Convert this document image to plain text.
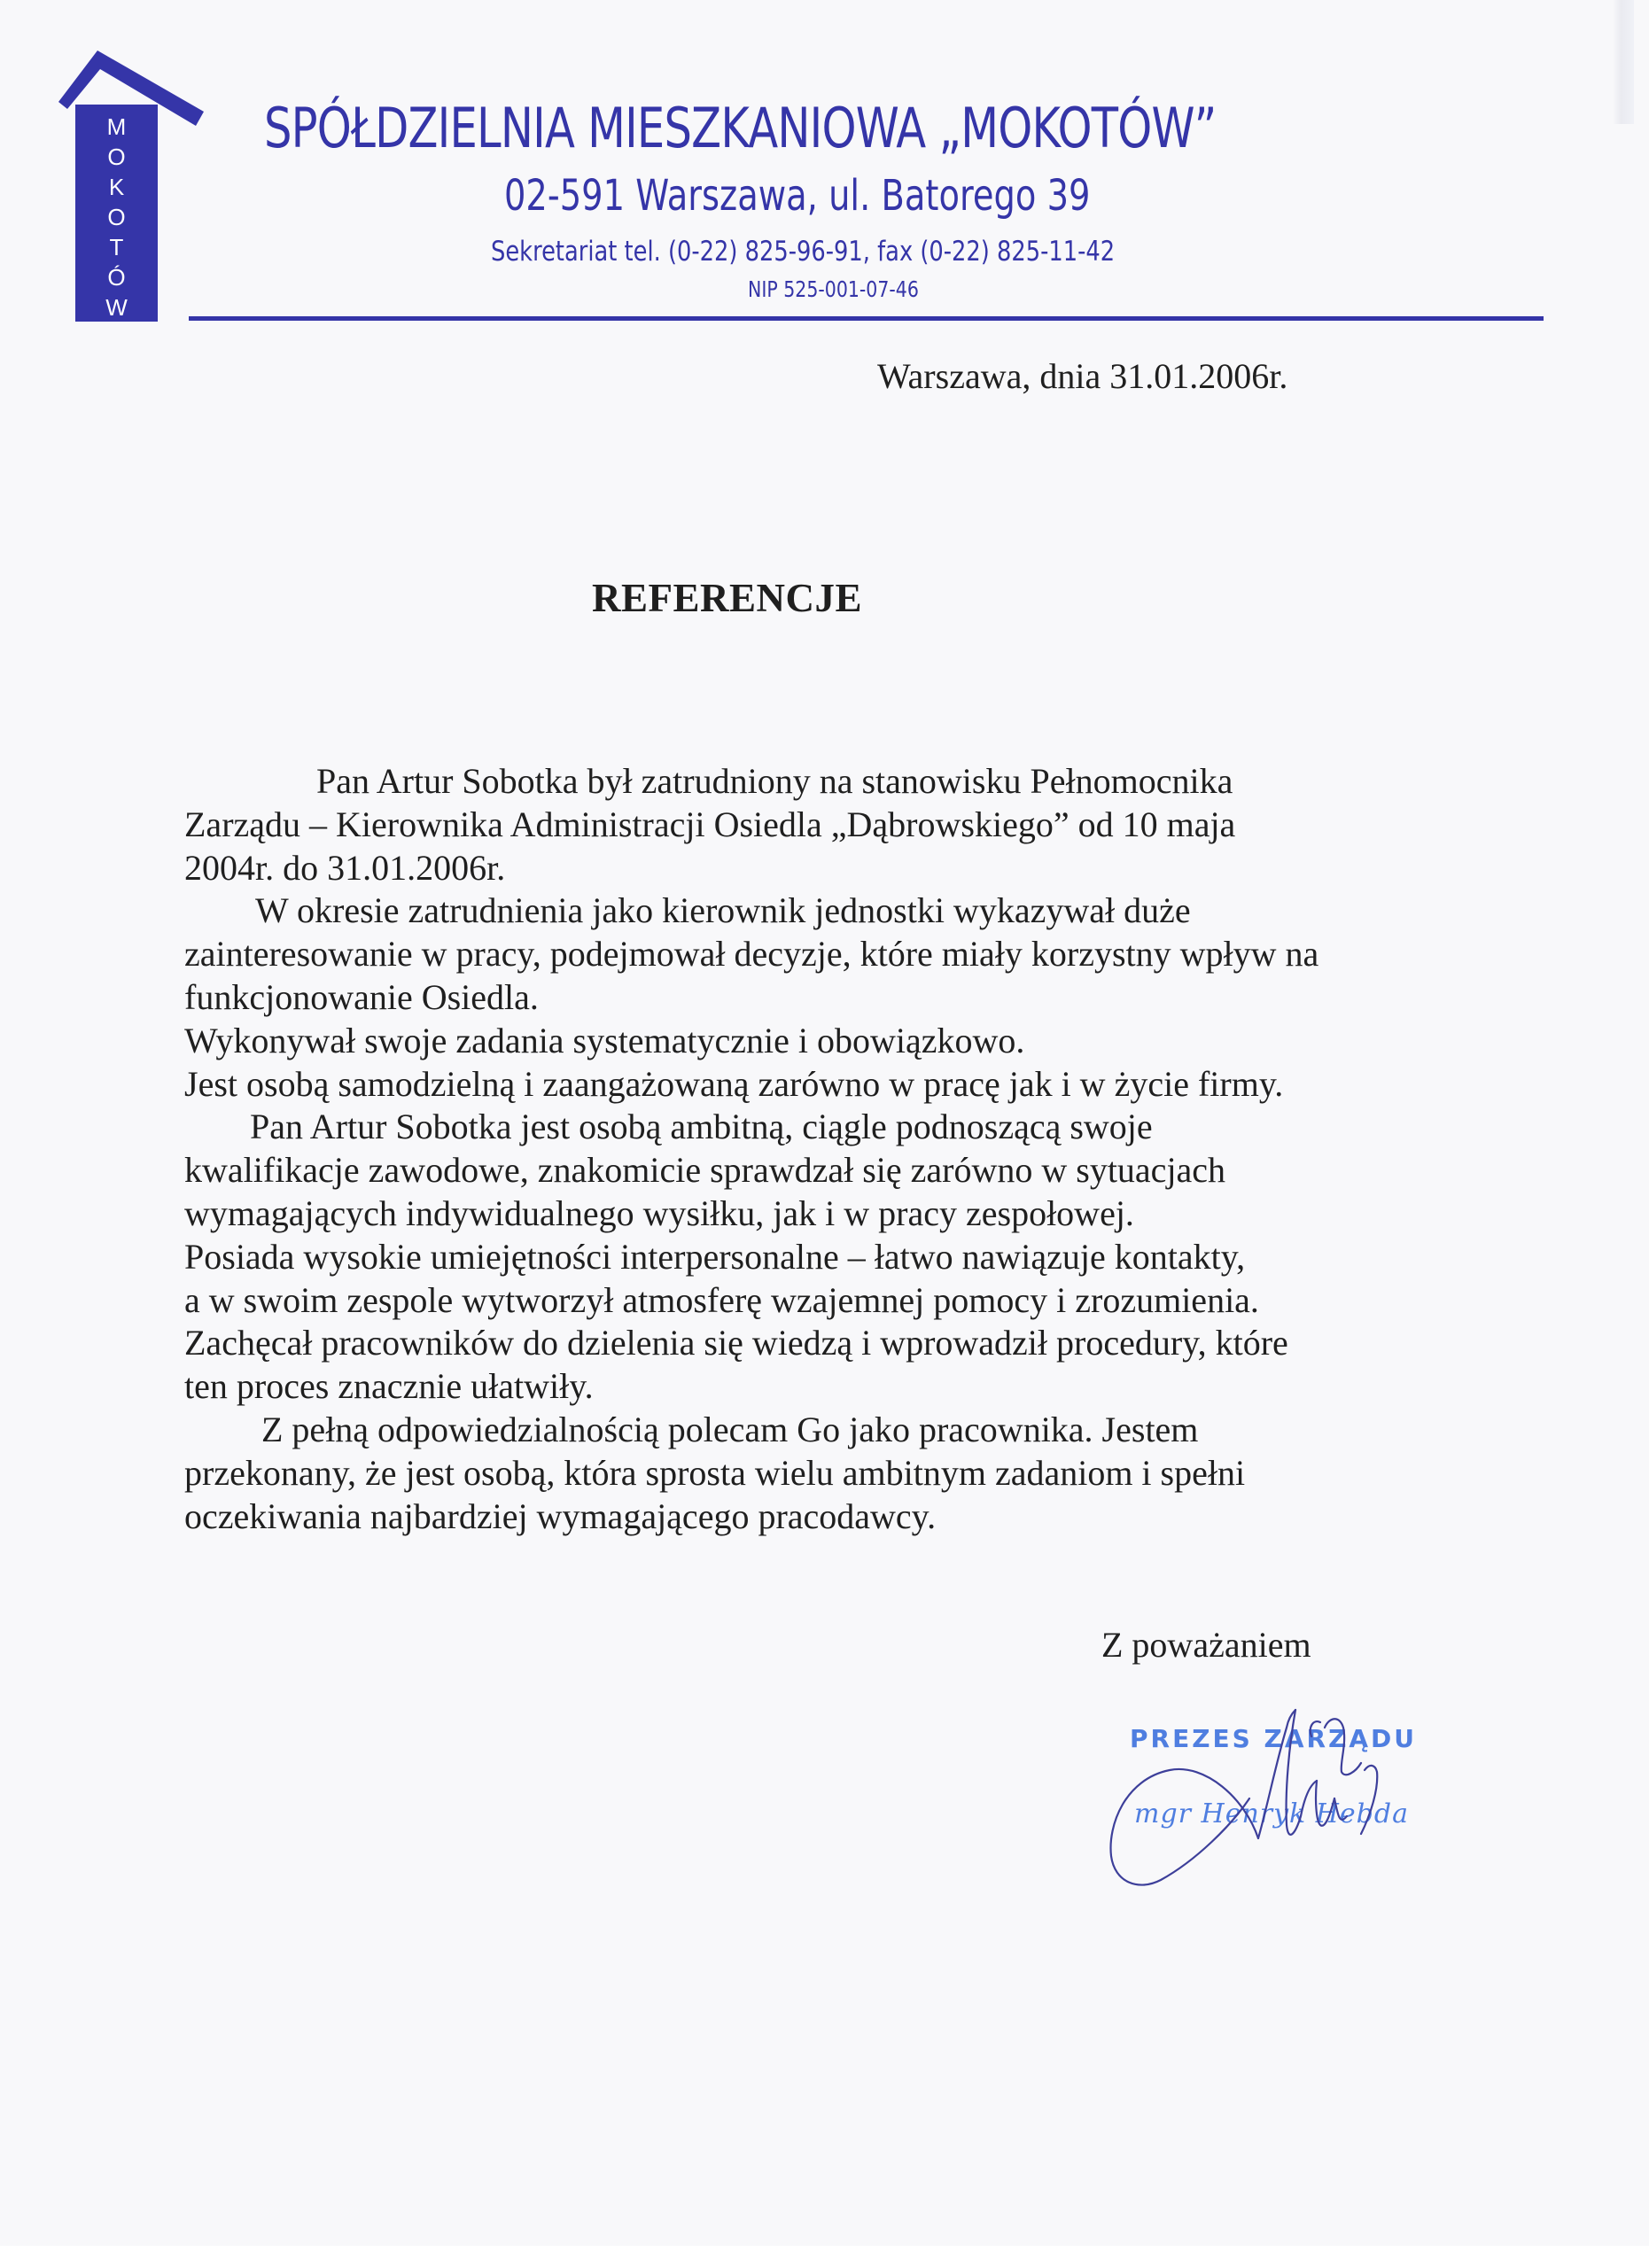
M
O
K
O
T
Ó
W
SPÓŁDZIELNIA MIESZKANIOWA „MOKOTÓW”
02-591 Warszawa, ul. Batorego 39
Sekretariat tel. (0-22) 825-96-91, fax (0-22) 825-11-42
NIP 525-001-07-46
Warszawa, dnia 31.01.2006r.
REFERENCJE
Pan Artur Sobotka był zatrudniony na stanowisku Pełnomocnika
Zarządu – Kierownika Administracji Osiedla „Dąbrowskiego” od 10 maja
2004r. do 31.01.2006r.
W okresie zatrudnienia jako kierownik jednostki wykazywał duże
zainteresowanie w pracy, podejmował decyzje, które miały korzystny wpływ na
funkcjonowanie Osiedla.
Wykonywał swoje zadania systematycznie i obowiązkowo.
Jest osobą samodzielną i zaangażowaną zarówno w pracę jak i w życie firmy.
Pan Artur Sobotka jest osobą ambitną, ciągle podnoszącą swoje
kwalifikacje zawodowe, znakomicie sprawdzał się zarówno w sytuacjach
wymagających indywidualnego wysiłku, jak i w pracy zespołowej.
Posiada wysokie umiejętności interpersonalne – łatwo nawiązuje kontakty,
a w swoim zespole wytworzył atmosferę wzajemnej pomocy i zrozumienia.
Zachęcał pracowników do dzielenia się wiedzą i wprowadził procedury, które
ten proces znacznie ułatwiły.
Z pełną odpowiedzialnością polecam Go jako pracownika. Jestem
przekonany, że jest osobą, która sprosta wielu ambitnym zadaniom i spełni
oczekiwania najbardziej wymagającego pracodawcy.
Z poważaniem
PREZES ZARZĄDU
mgr Henryk Hebda
